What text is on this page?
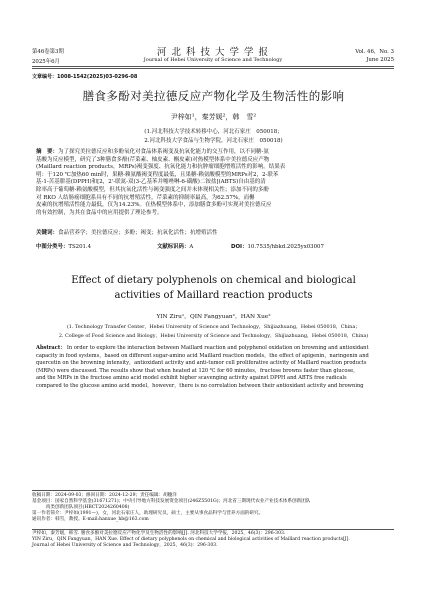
第46卷第3期
2025年6月
河 北 科 技 大 学 学 报
Journal of Hebei University of Science and Technology
Vol. 46，No. 3
June 2025
文章编号：1008-1542(2025)03-0296-08
膳食多酚对美拉德反应产物化学及生物活性的影响
尹梓如¹，秦芳媛²，韩　雪²
(1.河北科技大学技术转移中心，河北石家庄　050018；
2.河北科技大学食品与生物学院，河北石家庄　050018)
摘　要：为了探究美拉德反应和多酚氧化对食品体系褐变及抗氧化能力的交互作用，以不同糖-氨
基酸为反应模型，研究了3种膳食多酚(芹菜素、柚皮素、槲皮素)对热模型体系中美拉德反应产物
(Maillard reaction products，MRPs)褐变强度、抗氧化能力和抗肿瘤细胞增殖活性的影响。结果表
明：于120 ℃加热60 min时，果糖-赖氨酸褐变程度最低，且果糖-赖氨酸模型的MRPs对2，2-联苯
基-1-苦基肼基(DPPH)和[2，2'-联氮-双(3-乙基苯并噻唑啉-6-磺酸)二铵盐](ABTS)自由基的清
除率高于葡萄糖-赖氨酸模型，但其抗氧化活性与褐变强度之间并未体现相关性；添加不同的多酚
对 RKO 人结肠癌细胞系具有不同的抗增殖活性，芹菜素的抑制率最高，为62.57%，而槲
皮素的抗增殖活性能力最低，仅为14.23%。在热模型体系中，添加膳食多酚可实现对美拉德反应
的有效控制，为其在食品中的应用提供了理论参考。
关键词：食品营养学；美拉德反应；多酚；褐变；抗氧化活性；抗增殖活性
中图分类号：TS201.4	文献标识码：A	DOI：10.7535/hbkd.2025yx03007
Effect of dietary polyphenols on chemical and biological
activities of Maillard reaction products
YIN Ziru¹，QIN Fangyuan²，HAN Xue²
(1. Technology Transfer Center，Hebei University of Science and Technology，Shijiazhuang，Hebei 050018，China；
2. College of Food Science and Biology，Hebei University of Science and Technology，Shijiazhuang，Hebei 050018，China)
Abstract： In order to explore the interaction between Maillard reaction and polyphenol oxidation on browning and antioxidant
capacity in food systems，based on different sugar-amino acid Maillard reaction models，the effect of apigenin，naringenin and
quercetin on the browning intensity，antioxidant activity and anti-tumor cell proliferative activity of Maillard reaction products
(MRPs) were discussed. The results show that when heated at 120 ℃ for 60 minutes，fructose browns faster than glucose，
and the MRPs in the fructose amino acid model exhibit higher scavenging activity against DPPH and ABTS free radicals
compared to the glucose amino acid model，however，there is no correlation between their antioxidant activity and browning
收稿日期：2024-09-03；修回日期：2024-12-29；责任编辑：胡穗洋
基金项目：国家自然科学基金(31671271)；中央引导地方科技发展资金项目(246Z5501G)；河北省三期现代农业产业技术体系创新团队
　　　肉类创新团队项目(HBCT2024260408)
第一作者简介：尹梓如(1991—)，女，河北石家庄人，助理研究员，硕士，主要从事食品科学与营养方面的研究。
通讯作者：韩雪，教授。E-mail:hanxue_hb@163.com
尹梓如，秦芳媛，韩雪. 膳食多酚对美拉德反应产物化学及生物活性的影响[J]. 河北科技大学学报，2025，46(3)：296-303.
YIN Ziru，QIN Fangyuan，HAN Xue. Effect of dietary polyphenols on chemical and biological activities of Maillard reaction products[J].
Journal of Hebei University of Science and Technology，2025，46(3)：296-303.
